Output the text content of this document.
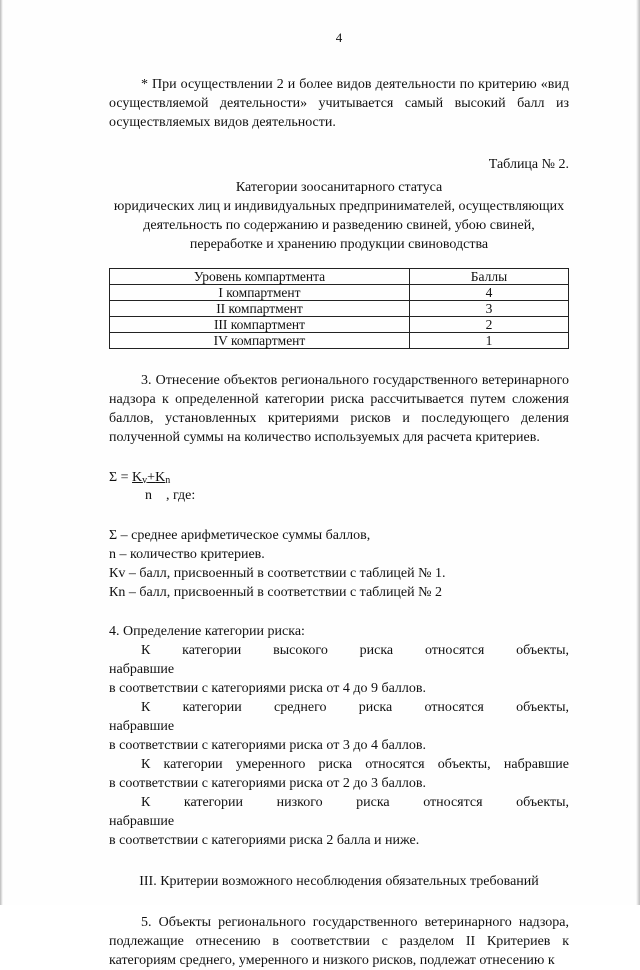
4

* При осуществлении 2 и более видов деятельности по критерию «вид осуществляемой деятельности» учитывается самый высокий балл из осуществляемых видов деятельности.

Таблица № 2.

Категории зоосанитарного статуса

юридических лиц и индивидуальных предпринимателей, осуществляющих

деятельность по содержанию и разведению свиней, убою свиней,

переработке и хранению продукции свиноводства

Уровень компартмента	Баллы
I компартмент	4
II компартмент	3
III компартмент	2
IV компартмент	1

3. Отнесение объектов регионального государственного ветеринарного надзора к определенной категории риска рассчитывается путем сложения баллов, установленных критериями рисков и последующего деления полученной суммы на количество используемых для расчета критериев.

$\Sigma = K_v+K_n$
n , где:

Σ – среднее арифметическое суммы баллов,

n – количество критериев.

Кv – балл, присвоенный в соответствии с таблицей № 1.

Кn – балл, присвоенный в соответствии с таблицей № 2

4. Определение категории риска:

К категории высокого риска относятся объекты, набравшие

в соответствии с категориями риска от 4 до 9 баллов.

К категории среднего риска относятся объекты, набравшие

в соответствии с категориями риска от 3 до 4 баллов.

К категории умеренного риска относятся объекты, набравшие

в соответствии с категориями риска от 2 до 3 баллов.

К категории низкого риска относятся объекты, набравшие

в соответствии с категориями риска 2 балла и ниже.

III. Критерии возможного несоблюдения обязательных требований

5. Объекты регионального государственного ветеринарного надзора, подлежащие отнесению в соответствии с разделом II Критериев к категориям среднего, умеренного и низкого рисков, подлежат отнесению к
